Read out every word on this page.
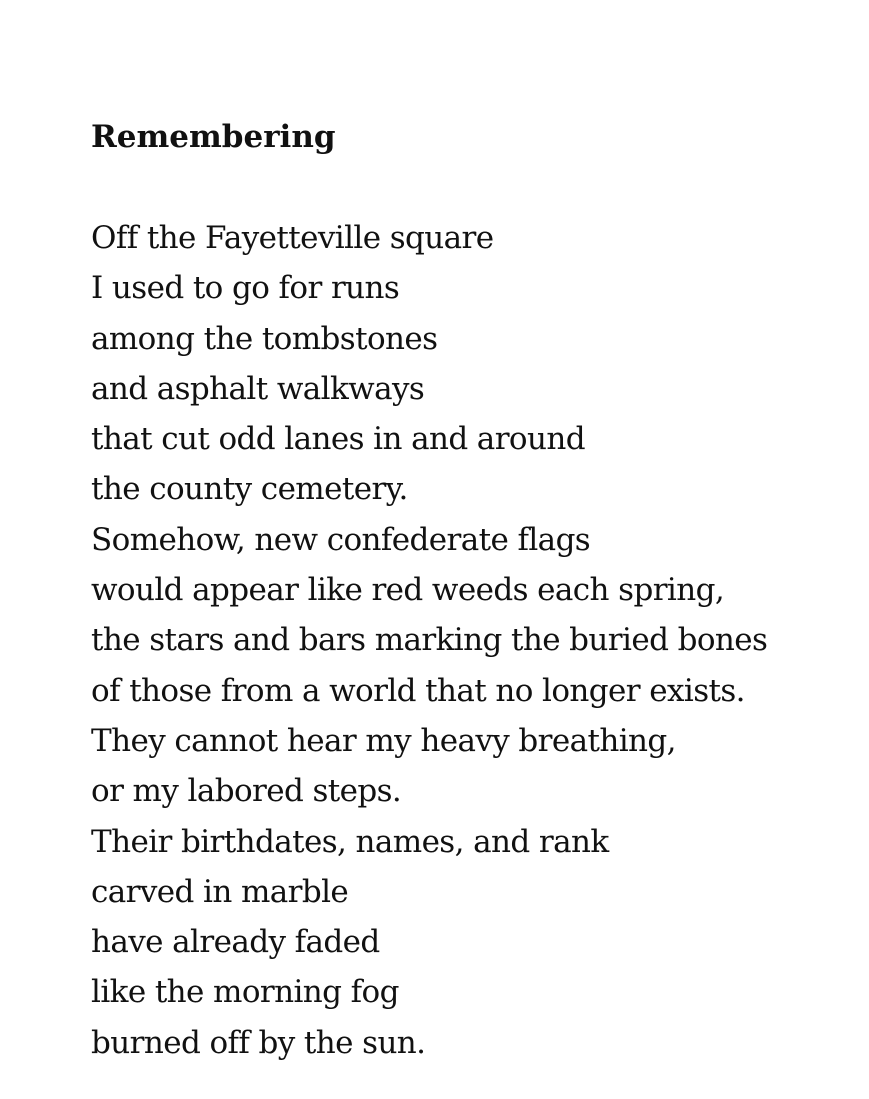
Remembering
Off the Fayetteville square
I used to go for runs
among the tombstones
and asphalt walkways
that cut odd lanes in and around
the county cemetery.
Somehow, new confederate flags
would appear like red weeds each spring,
the stars and bars marking the buried bones
of those from a world that no longer exists.
They cannot hear my heavy breathing,
or my labored steps.
Their birthdates, names, and rank
carved in marble
have already faded
like the morning fog
burned off by the sun.
